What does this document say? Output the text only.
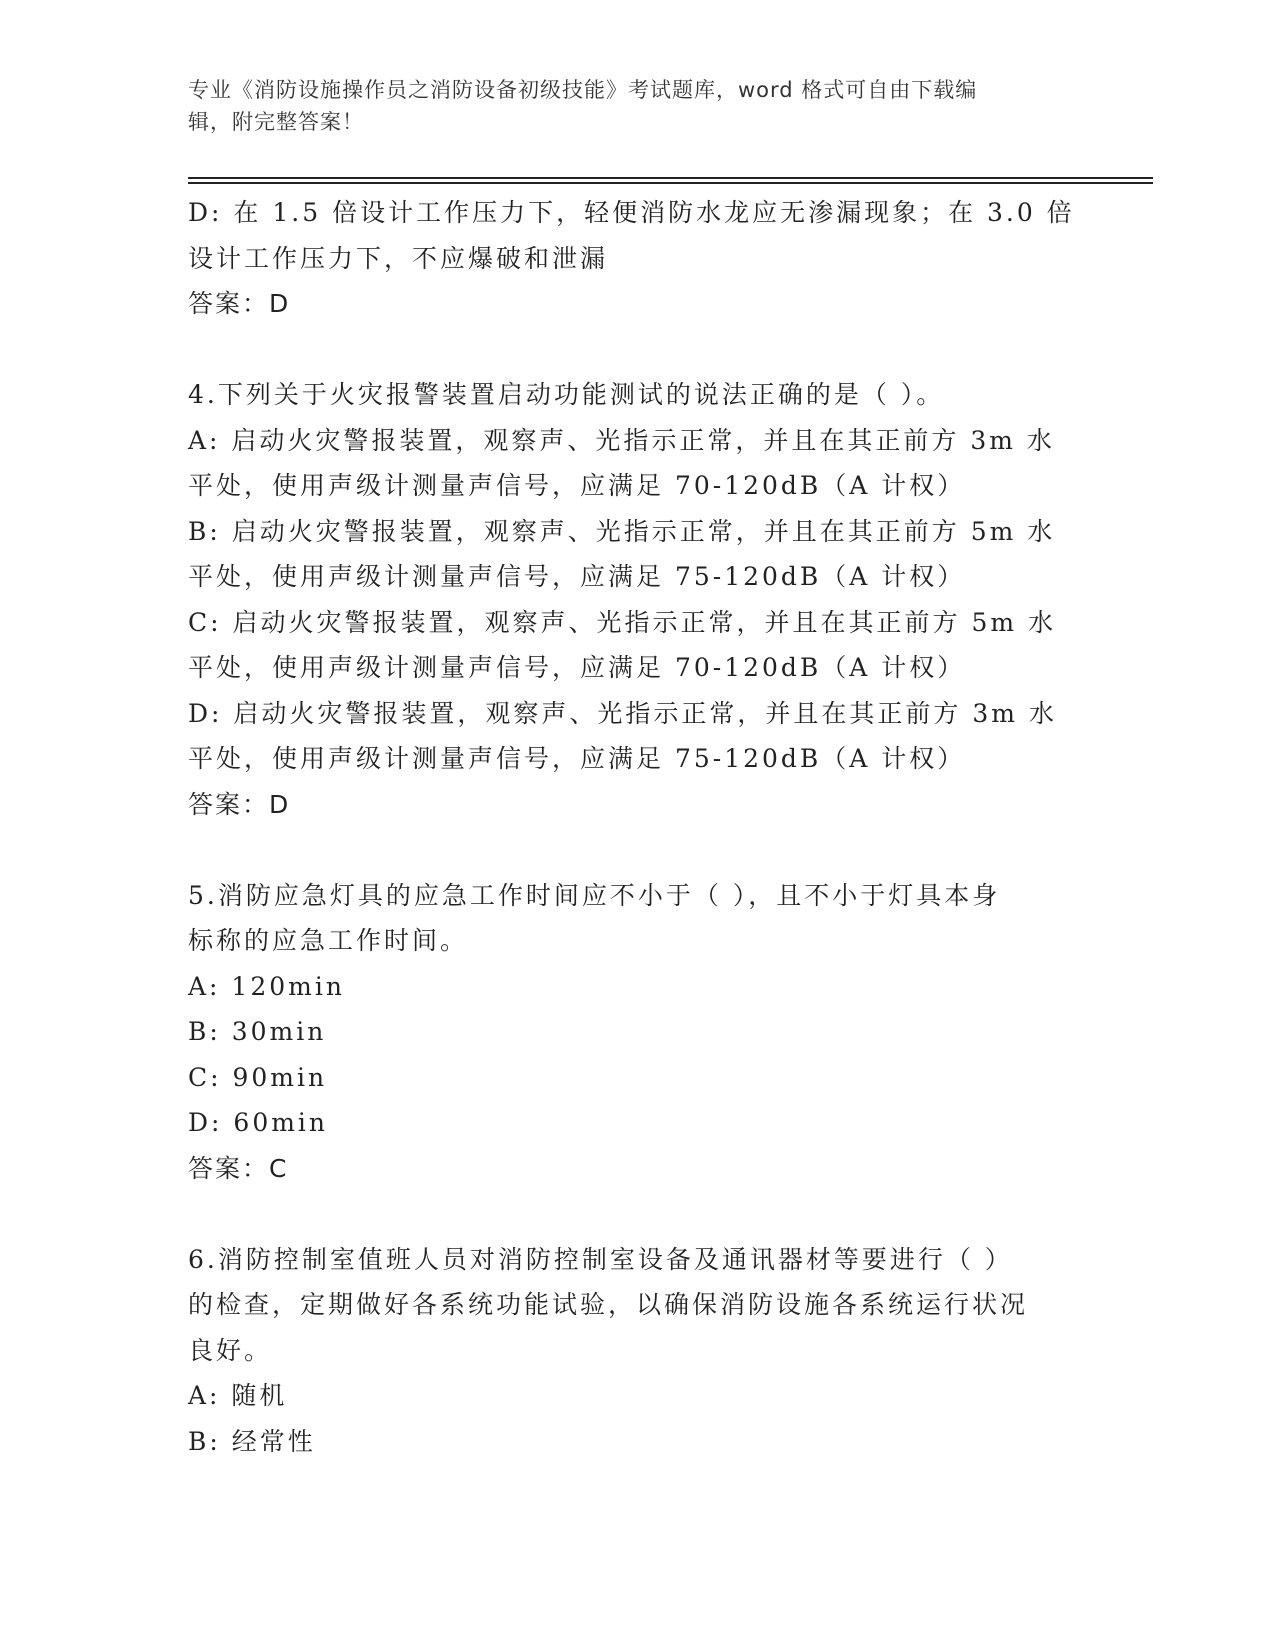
专业《消防设施操作员之消防设备初级技能》考试题库，word 格式可自由下载编
辑，附完整答案！
D: 在 1.5 倍设计工作压力下，轻便消防水龙应无渗漏现象；在 3.0 倍
设计工作压力下，不应爆破和泄漏
答案：D
4.下列关于火灾报警装置启动功能测试的说法正确的是（ ）。
A: 启动火灾警报装置，观察声、光指示正常，并且在其正前方 3m 水
平处，使用声级计测量声信号，应满足 70-120dB（A 计权）
B: 启动火灾警报装置，观察声、光指示正常，并且在其正前方 5m 水
平处，使用声级计测量声信号，应满足 75-120dB（A 计权）
C: 启动火灾警报装置，观察声、光指示正常，并且在其正前方 5m 水
平处，使用声级计测量声信号，应满足 70-120dB（A 计权）
D: 启动火灾警报装置，观察声、光指示正常，并且在其正前方 3m 水
平处，使用声级计测量声信号，应满足 75-120dB（A 计权）
答案：D
5.消防应急灯具的应急工作时间应不小于（ ），且不小于灯具本身
标称的应急工作时间。
A: 120min
B: 30min
C: 90min
D: 60min
答案：C
6.消防控制室值班人员对消防控制室设备及通讯器材等要进行（ ）
的检查，定期做好各系统功能试验，以确保消防设施各系统运行状况
良好。
A: 随机
B: 经常性
